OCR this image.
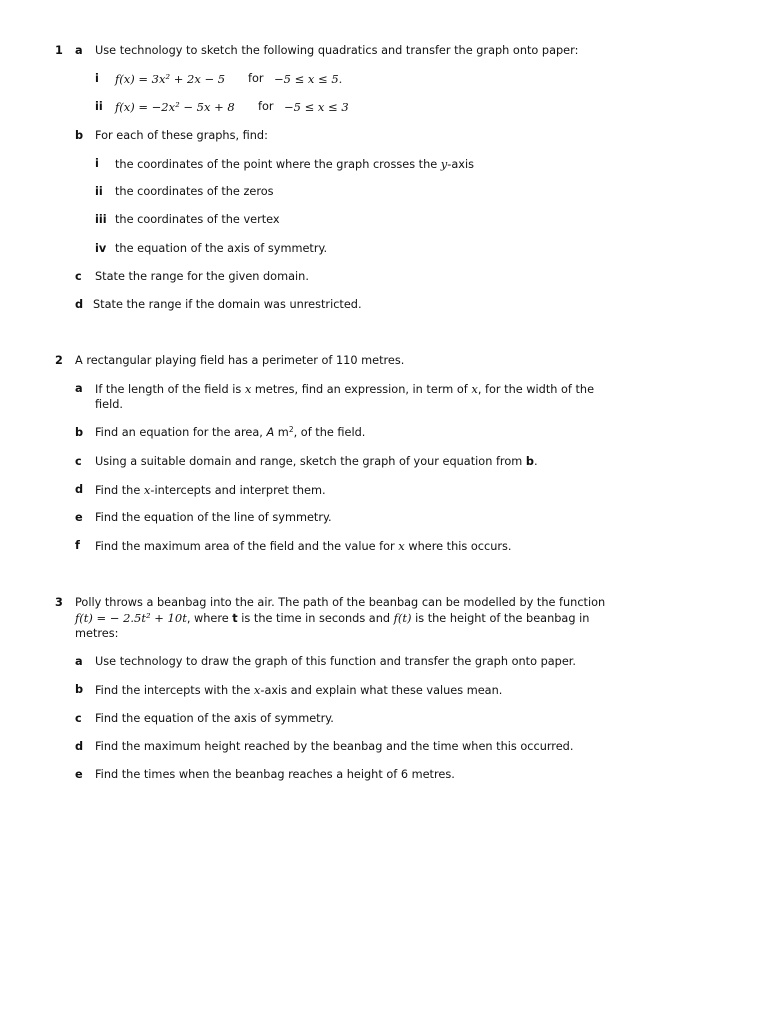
1 a Use technology to sketch the following quadratics and transfer the graph onto paper:
i f(x) = 3x² + 2x − 5 for −5 ≤ x ≤ 5.
ii f(x) = −2x² − 5x + 8 for −5 ≤ x ≤ 3
b For each of these graphs, find:
i the coordinates of the point where the graph crosses the y-axis
ii the coordinates of the zeros
iii the coordinates of the vertex
iv the equation of the axis of symmetry.
c State the range for the given domain.
d State the range if the domain was unrestricted.
2 A rectangular playing field has a perimeter of 110 metres.
a If the length of the field is x metres, find an expression, in term of x, for the width of the
field.
b Find an equation for the area, A $m^2$, of the field.
c Using a suitable domain and range, sketch the graph of your equation from b.
d Find the x-intercepts and interpret them.
e Find the equation of the line of symmetry.
f Find the maximum area of the field and the value for x where this occurs.
3 Polly throws a beanbag into the air. The path of the beanbag can be modelled by the function
f(t) = − 2.5t² + 10t, where t is the time in seconds and f(t) is the height of the beanbag in
metres:
a Use technology to draw the graph of this function and transfer the graph onto paper.
b Find the intercepts with the x-axis and explain what these values mean.
c Find the equation of the axis of symmetry.
d Find the maximum height reached by the beanbag and the time when this occurred.
e Find the times when the beanbag reaches a height of 6 metres.
